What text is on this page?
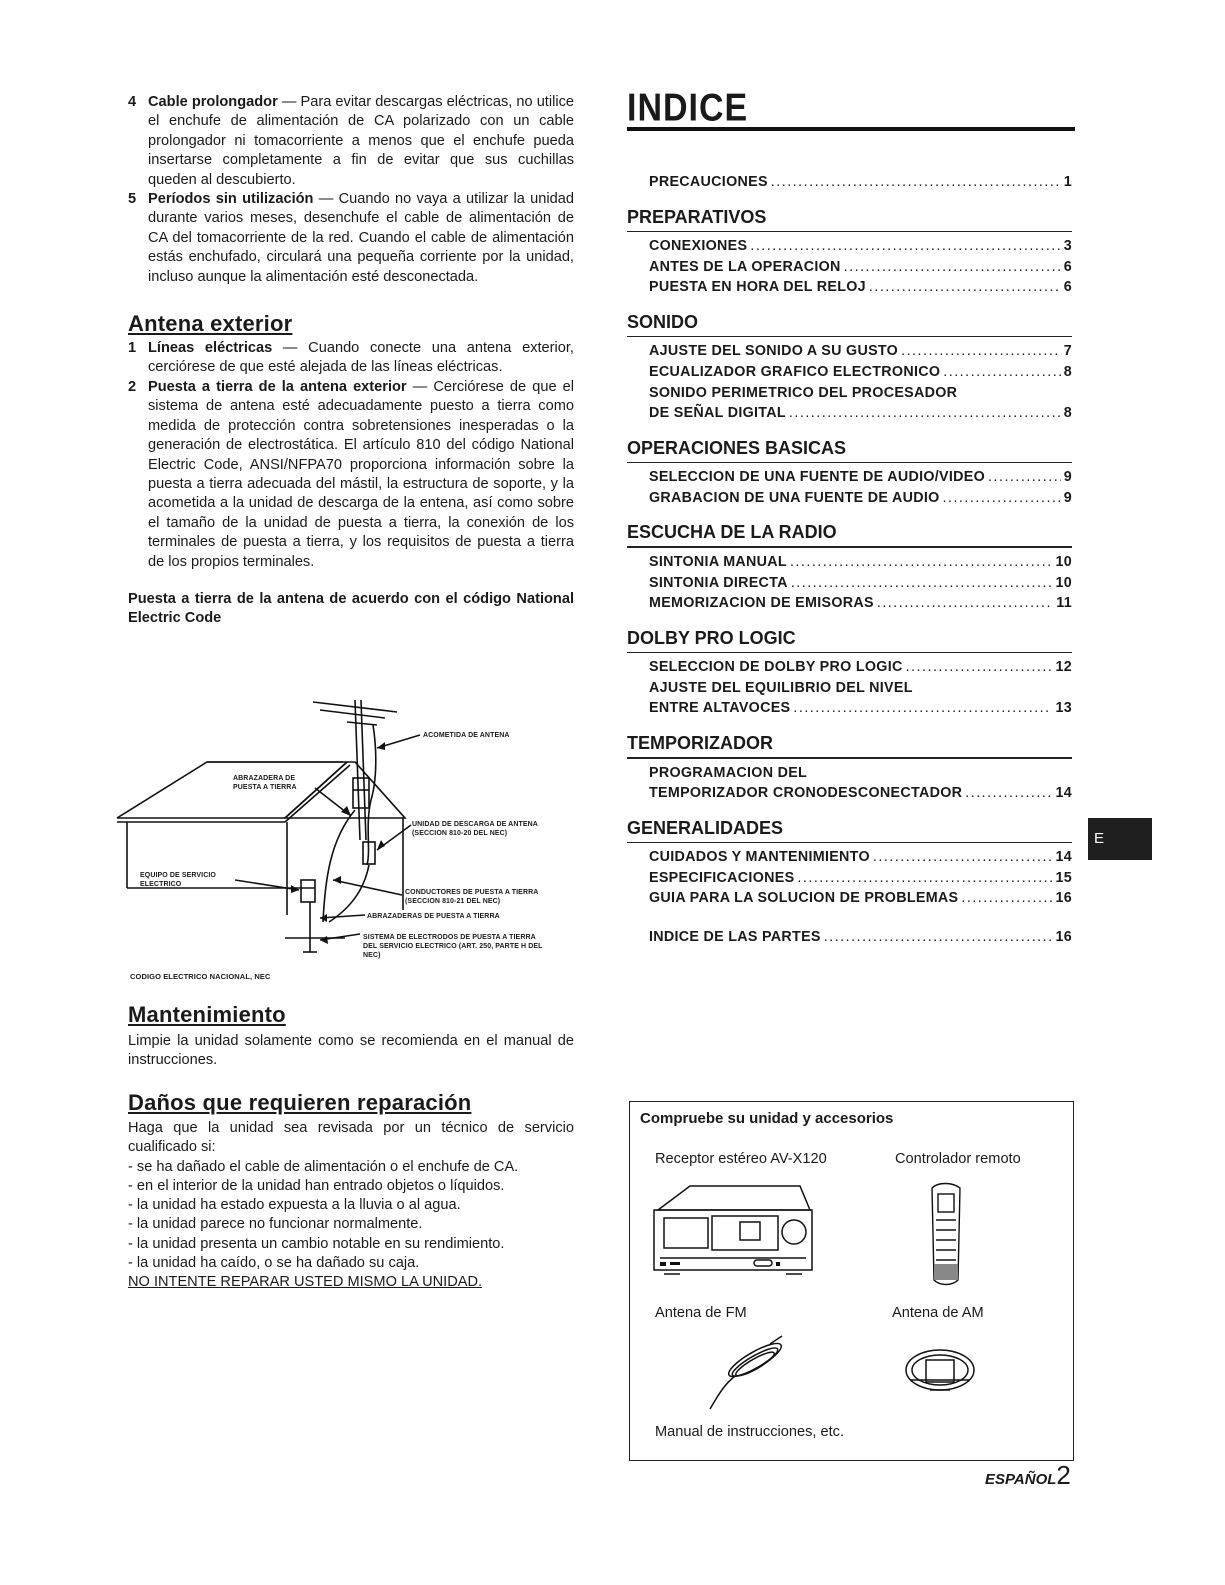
4 Cable prolongador — Para evitar descargas eléctricas, no utilice el enchufe de alimentación de CA polarizado con un cable prolongador ni tomacorriente a menos que el enchufe pueda insertarse completamente a fin de evitar que sus cuchillas queden al descubierto.

5 Períodos sin utilización — Cuando no vaya a utilizar la unidad durante varios meses, desenchufe el cable de alimentación de CA del tomacorriente de la red. Cuando el cable de alimentación estás enchufado, circulará una pequeña corriente por la unidad, incluso aunque la alimentación esté desconectada.

Antena exterior
1 Líneas eléctricas — Cuando conecte una antena exterior, cerciórese de que esté alejada de las líneas eléctricas.

2 Puesta a tierra de la antena exterior — Cerciórese de que el sistema de antena esté adecuadamente puesto a tierra como medida de protección contra sobretensiones inesperadas o la generación de electrostática. El artículo 810 del código National Electric Code, ANSI/NFPA70 proporciona información sobre la puesta a tierra adecuada del mástil, la estructura de soporte, y la acometida a la unidad de descarga de la entena, así como sobre el tamaño de la unidad de puesta a tierra, la conexión de los terminales de puesta a tierra, y los requisitos de puesta a tierra de los propios terminales.

Puesta a tierra de la antena de acuerdo con el código National Electric Code

ACOMETIDA DE ANTENA
ABRAZADERA DE PUESTA A TIERRA
UNIDAD DE DESCARGA DE ANTENA (SECCION 810-20 DEL NEC)
EQUIPO DE SERVICIO ELECTRICO
CONDUCTORES DE PUESTA A TIERRA (SECCION 810-21 DEL NEC)
ABRAZADERAS DE PUESTA A TIERRA
SISTEMA DE ELECTRODOS DE PUESTA A TIERRA DEL SERVICIO ELECTRICO (ART. 250, PARTE H DEL NEC)
CODIGO ELECTRICO NACIONAL, NEC
Mantenimiento

Limpie la unidad solamente como se recomienda en el manual de instrucciones.

Daños que requieren reparación

Haga que la unidad sea revisada por un técnico de servicio cualificado si:

- se ha dañado el cable de alimentación o el enchufe de CA.

- en el interior de la unidad han entrado objetos o líquidos.

- la unidad ha estado expuesta a la lluvia o al agua.

- la unidad parece no funcionar normalmente.

- la unidad presenta un cambio notable en su rendimiento.

- la unidad ha caído, o se ha dañado su caja.

NO INTENTE REPARAR USTED MISMO LA UNIDAD.

INDICE
PRECAUCIONES .....	1
PREPARATIVOS
CONEXIONES .....	3
ANTES DE LA OPERACION .....	6
PUESTA EN HORA DEL RELOJ .....	6
SONIDO
AJUSTE DEL SONIDO A SU GUSTO .....	7
ECUALIZADOR GRAFICO ELECTRONICO .....	8
SONIDO PERIMETRICO DEL PROCESADOR
DE SEÑAL DIGITAL .....	8
OPERACIONES BASICAS
SELECCION DE UNA FUENTE DE AUDIO/VIDEO .....	9
GRABACION DE UNA FUENTE DE AUDIO .....	9
ESCUCHA DE LA RADIO
SINTONIA MANUAL .....	10
SINTONIA DIRECTA .....	10
MEMORIZACION DE EMISORAS .....	11
DOLBY PRO LOGIC
SELECCION DE DOLBY PRO LOGIC .....	12
AJUSTE DEL EQUILIBRIO DEL NIVEL
ENTRE ALTAVOCES .....	13
TEMPORIZADOR
PROGRAMACION DEL
TEMPORIZADOR CRONODESCONECTADOR .....	14
GENERALIDADES
CUIDADOS Y MANTENIMIENTO .....	14
ESPECIFICACIONES .....	15
GUIA PARA LA SOLUCION DE PROBLEMAS .....	16
INDICE DE LAS PARTES .....	16
E
Compruebe su unidad y accesorios
Receptor estéreo AV-X120	Controlador remoto
Antena de FM	Antena de AM
Manual de instrucciones, etc.
ESPAÑOL2
